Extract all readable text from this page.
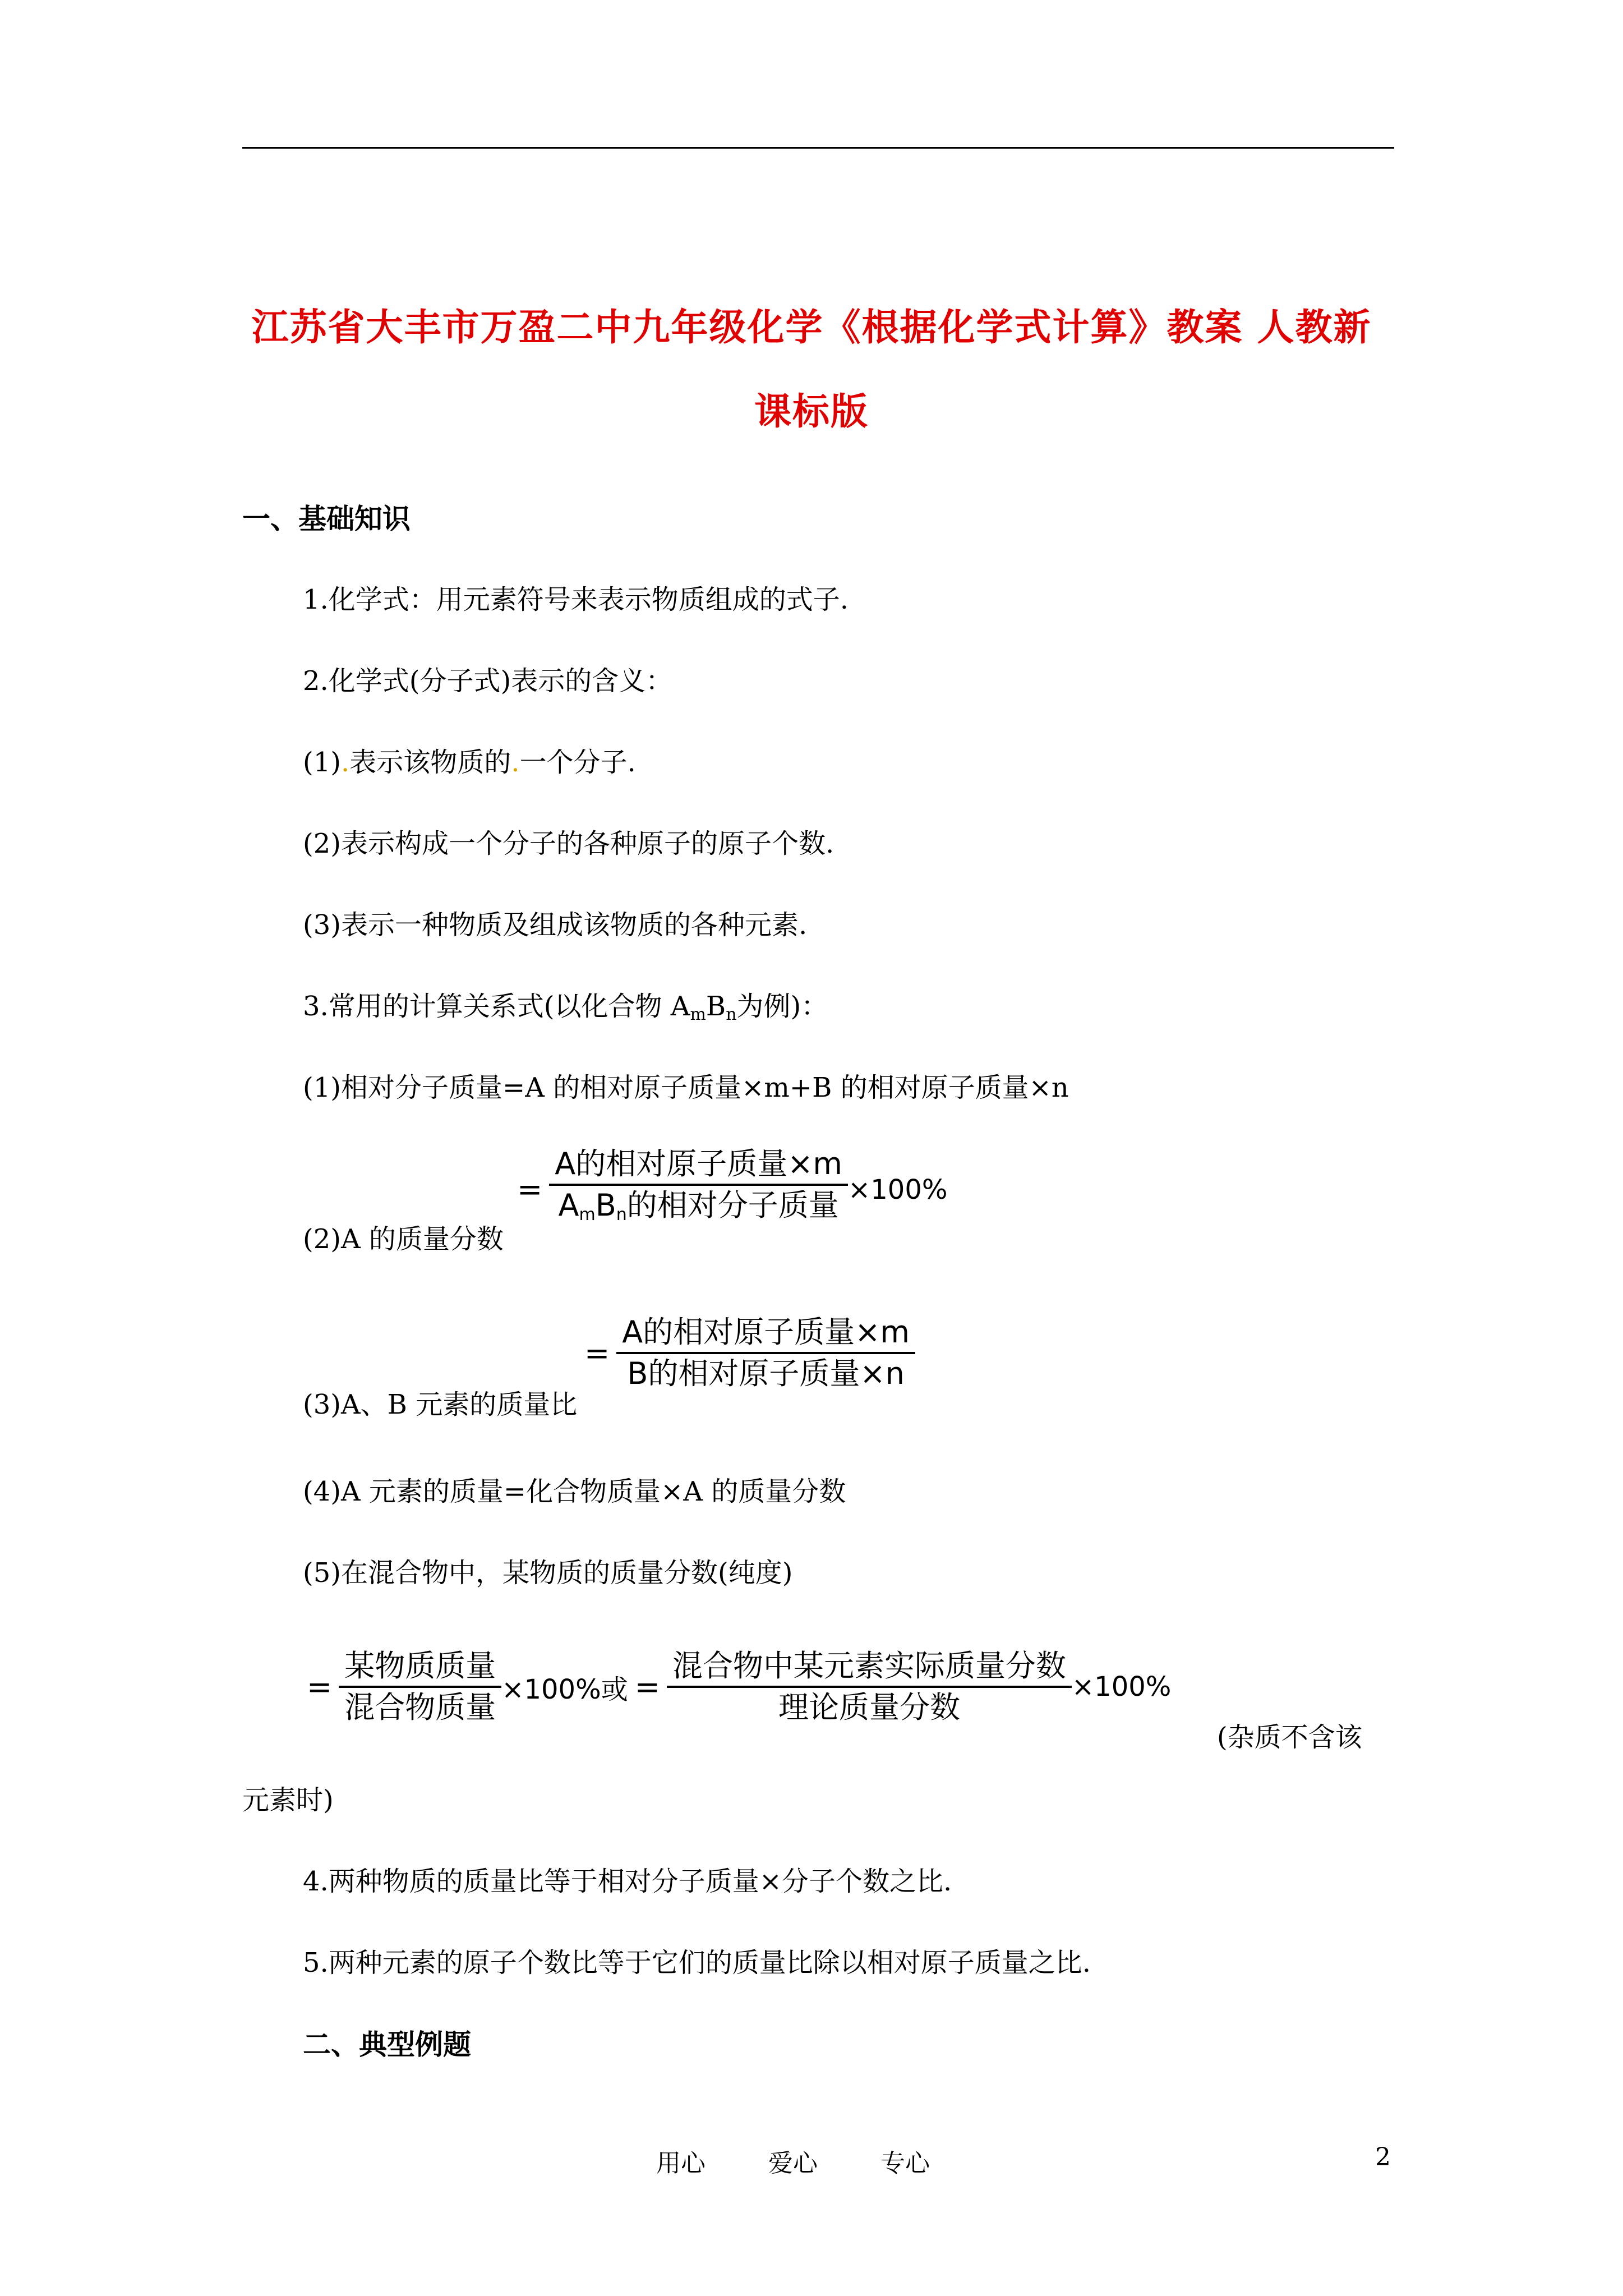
江苏省大丰市万盈二中九年级化学《根据化学式计算》教案 人教新
课标版
一、基础知识
1.化学式：用元素符号来表示物质组成的式子.
2.化学式(分子式)表示的含义：
(1).表示该物质的.一个分子.
(2)表示构成一个分子的各种原子的原子个数.
(3)表示一种物质及组成该物质的各种元素.
3.常用的计算关系式(以化合物 $A_mB_n$为例)：
(1)相对分子质量=A 的相对原子质量×m+B 的相对原子质量×n
= $\frac{\text{A的相对原子质量×m}}{A_mB_n的相对分子质量} \times 100\%$
(2)A 的质量分数
= $\frac{\text{A的相对原子质量×m}}{\text{B的相对原子质量×n}}$
(3)A、B 元素的质量比
(4)A 元素的质量=化合物质量×A 的质量分数
(5)在混合物中，某物质的质量分数(纯度)
= $\frac{\text{某物质质量}}{\text{混合物质量}} \times 100\%$或 = $\frac{\text{混合物中某元素实际质量分数}}{\text{理论质量分数}} \times 100\%$
(杂质不含该
元素时)
4.两种物质的质量比等于相对分子质量×分子个数之比.
5.两种元素的原子个数比等于它们的质量比除以相对原子质量之比.
二、典型例题
用心	爱心	专心	2
